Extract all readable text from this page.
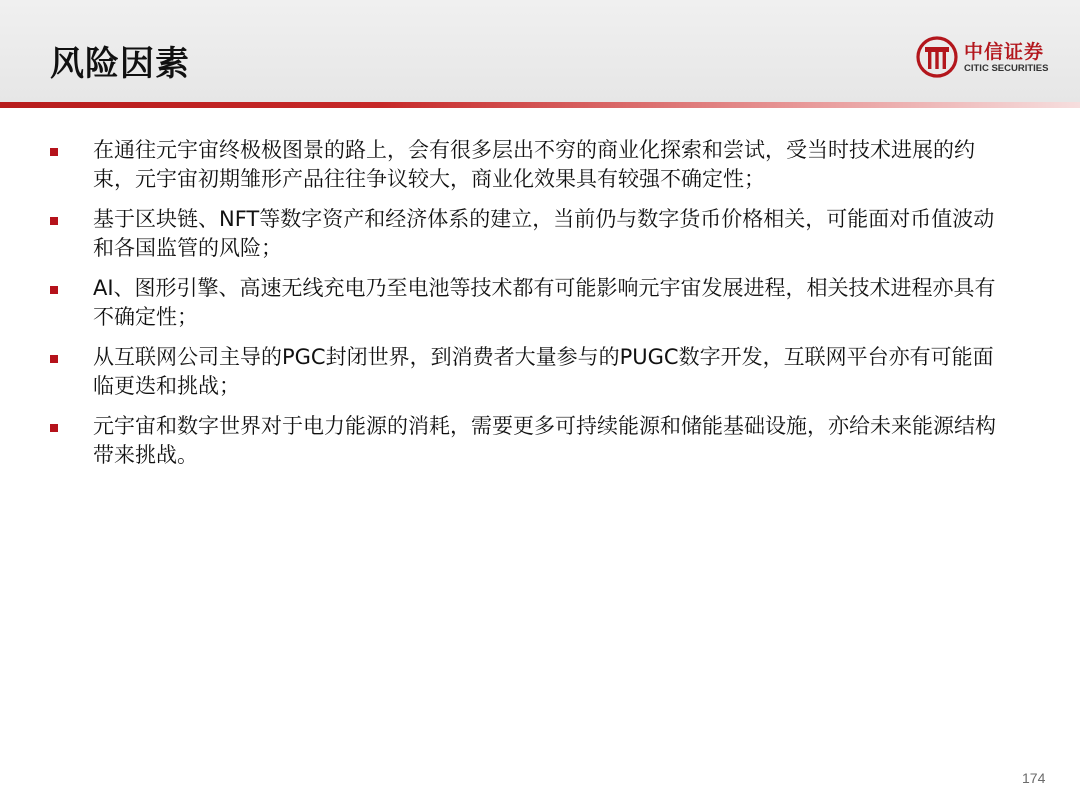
风险因素	中信证券
CITIC SECURITIES

在通往元宇宙终极极图景的路上，会有很多层出不穷的商业化探索和尝试，受当时技术进展的约束，元宇宙初期雏形产品往往争议较大，商业化效果具有较强不确定性；

基于区块链、NFT等数字资产和经济体系的建立，当前仍与数字货币价格相关，可能面对币值波动和各国监管的风险；

AI、图形引擎、高速无线充电乃至电池等技术都有可能影响元宇宙发展进程，相关技术进程亦具有不确定性；

从互联网公司主导的PGC封闭世界，到消费者大量参与的PUGC数字开发，互联网平台亦有可能面临更迭和挑战；

元宇宙和数字世界对于电力能源的消耗，需要更多可持续能源和储能基础设施，亦给未来能源结构带来挑战。

174
